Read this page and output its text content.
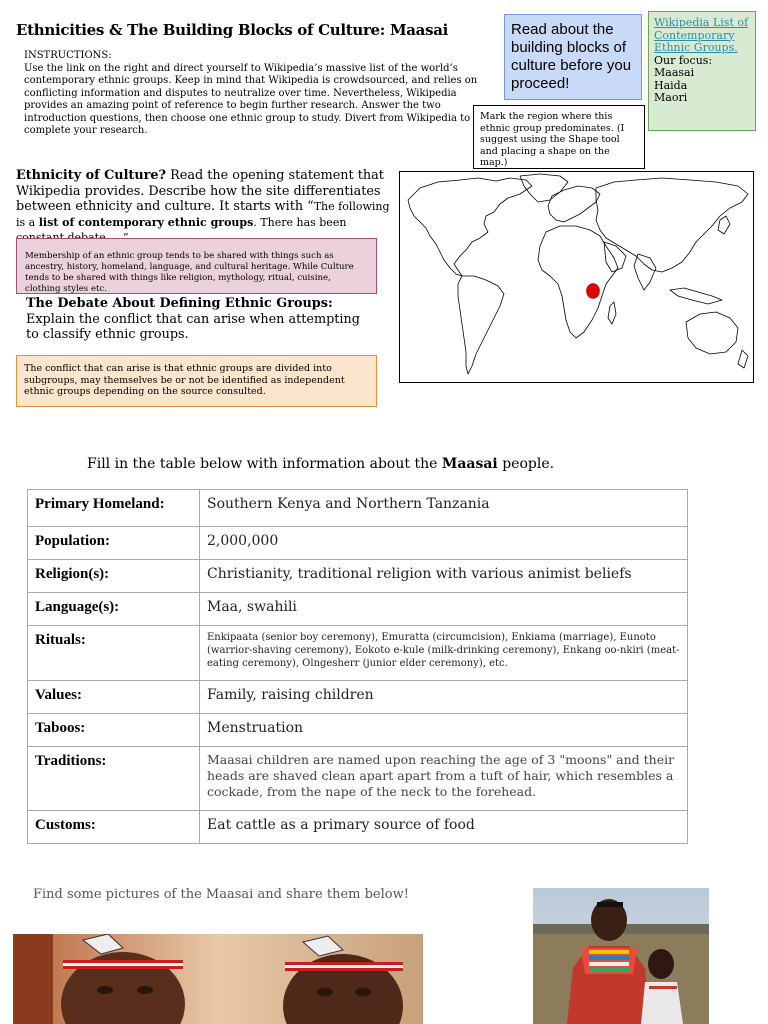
Ethnicities & The Building Blocks of Culture: Maasai
INSTRUCTIONS:
Use the link on the right and direct yourself to Wikipedia’s massive list of the world’s contemporary ethnic groups. Keep in mind that Wikipedia is crowdsourced, and relies on conflicting information and disputes to neutralize over time. Nevertheless, Wikipedia provides an amazing point of reference to begin further research. Answer the two introduction questions, then choose one ethnic group to study. Divert from Wikipedia to complete your research.
Read about the building blocks of culture before you proceed!
Wikipedia List of Contemporary Ethnic Groups.
Our focus:
Maasai
Haida
Maori
Mark the region where this ethnic group predominates. (I suggest using the Shape tool and placing a shape on the map.)
Ethnicity of Culture? Read the opening statement that Wikipedia provides. Describe how the site differentiates between ethnicity and culture. It starts with “The following is a list of contemporary ethnic groups. There has been
Membership of an ethnic group tends to be shared with things such as ancestry, history, homeland, language, and cultural heritage. While Culture tends to be shared with things like religion, mythology, ritual, cuisine, clothing styles etc.
The Debate About Defining Ethnic Groups: Explain the conflict that can arise when attempting to classify ethnic groups.
The conflict that can arise is that ethnic groups are divided into subgroups, may themselves be or not be identified as independent ethnic groups depending on the source consulted.
Fill in the table below with information about the Maasai people.
Primary Homeland:	Southern Kenya and Northern Tanzania
Population:	2,000,000
Religion(s):	Christianity, traditional religion with various animist beliefs
Language(s):	Maa, swahili
Rituals:	Enkipaata (senior boy ceremony), Emuratta (circumcision), Enkiama (marriage), Eunoto (warrior-shaving ceremony), Eokoto e-kule (milk-drinking ceremony), Enkang oo-nkiri (meat-eating ceremony), Olngesherr (junior elder ceremony), etc.
Values:	Family, raising children
Taboos:	Menstruation
Traditions:	Maasai children are named upon reaching the age of 3 "moons" and their heads are shaved clean apart apart from a tuft of hair, which resembles a cockade, from the nape of the neck to the forehead.
Customs:	Eat cattle as a primary source of food
Find some pictures of the Maasai and share them below!
